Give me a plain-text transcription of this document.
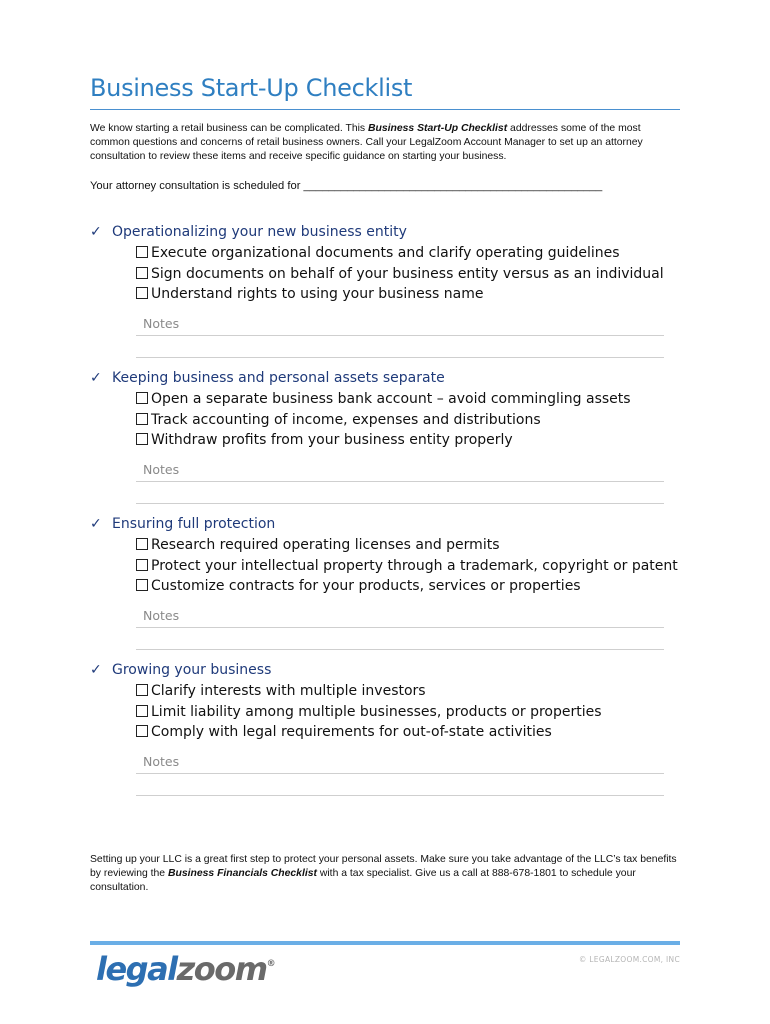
Business Start-Up Checklist
We know starting a retail business can be complicated. This Business Start-Up Checklist addresses some of the most common questions and concerns of retail business owners. Call your LegalZoom Account Manager to set up an attorney consultation to review these items and receive specific guidance on starting your business.
Your attorney consultation is scheduled for ________________________________________________
✓ Operationalizing your new business entity
Execute organizational documents and clarify operating guidelines
Sign documents on behalf of your business entity versus as an individual
Understand rights to using your business name
Notes
✓ Keeping business and personal assets separate
Open a separate business bank account – avoid commingling assets
Track accounting of income, expenses and distributions
Withdraw profits from your business entity properly
Notes
✓ Ensuring full protection
Research required operating licenses and permits
Protect your intellectual property through a trademark, copyright or patent
Customize contracts for your products, services or properties
Notes
✓ Growing your business
Clarify interests with multiple investors
Limit liability among multiple businesses, products or properties
Comply with legal requirements for out-of-state activities
Notes
Setting up your LLC is a great first step to protect your personal assets. Make sure you take advantage of the LLC’s tax benefits by reviewing the Business Financials Checklist with a tax specialist. Give us a call at 888-678-1801 to schedule your consultation.
legalzoom®	© LEGALZOOM.COM, INC
